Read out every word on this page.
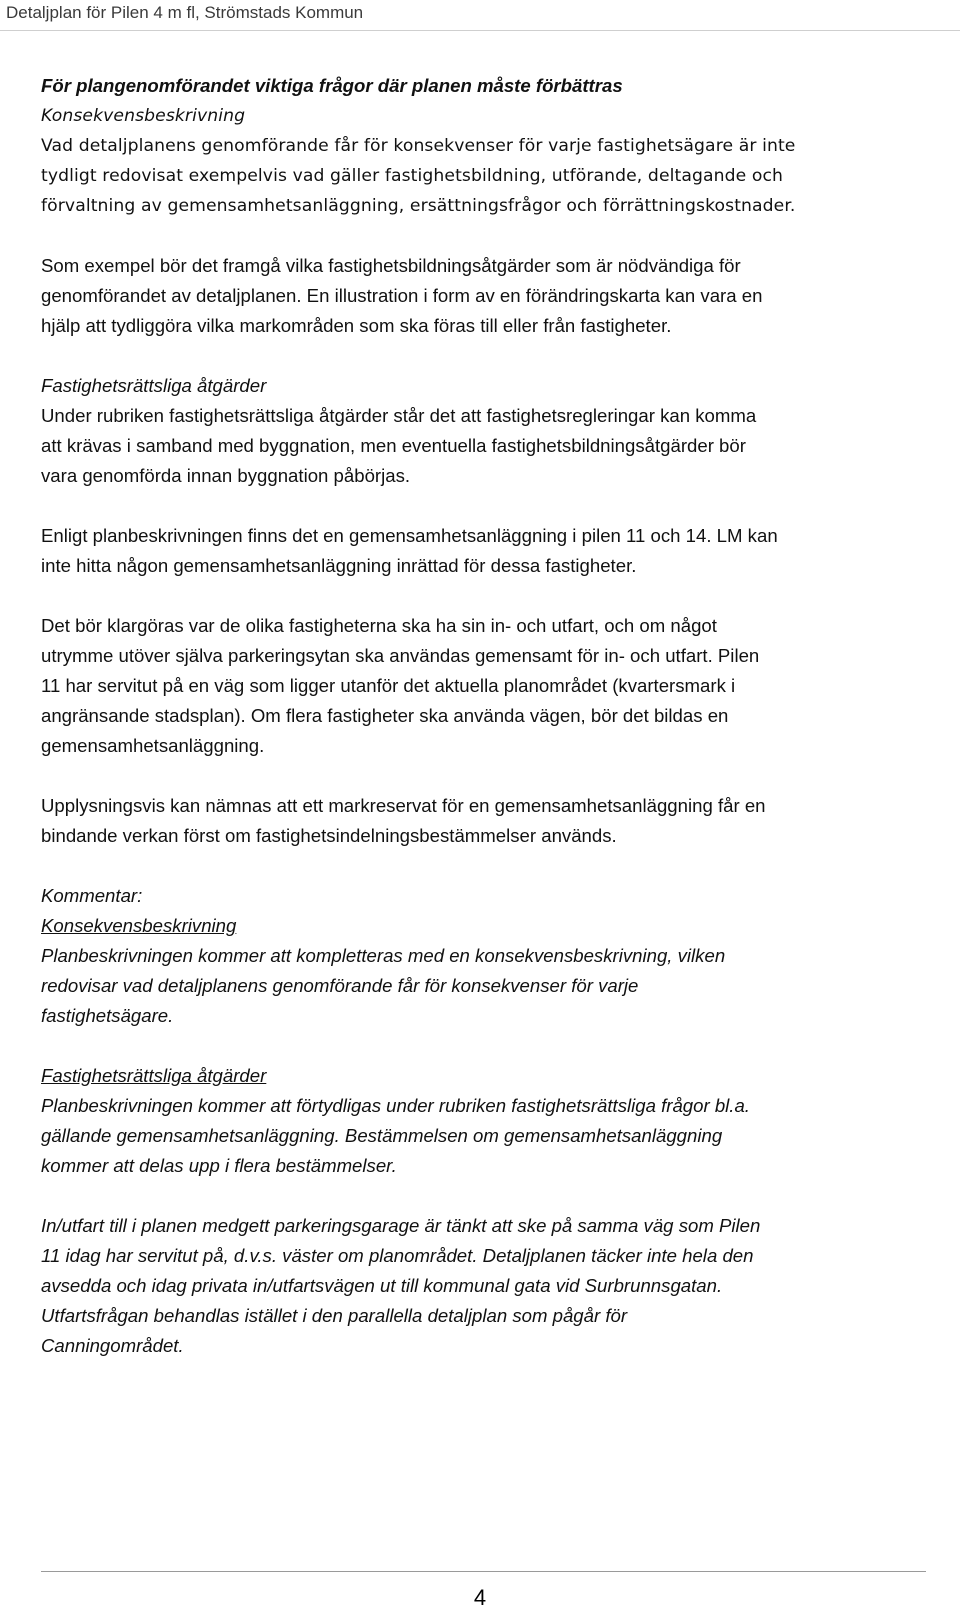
Detaljplan för Pilen 4 m fl, Strömstads Kommun

För plangenomförandet viktiga frågor där planen måste förbättras

Konsekvensbeskrivning

Vad detaljplanens genomförande får för konsekvenser för varje fastighetsägare är inte

tydligt redovisat exempelvis vad gäller fastighetsbildning, utförande, deltagande och

förvaltning av gemensamhetsanläggning, ersättningsfrågor och förrättningskostnader.

Som exempel bör det framgå vilka fastighetsbildningsåtgärder som är nödvändiga för

genomförandet av detaljplanen. En illustration i form av en förändringskarta kan vara en

hjälp att tydliggöra vilka markområden som ska föras till eller från fastigheter.

Fastighetsrättsliga åtgärder

Under rubriken fastighetsrättsliga åtgärder står det att fastighetsregleringar kan komma

att krävas i samband med byggnation, men eventuella fastighetsbildningsåtgärder bör

vara genomförda innan byggnation påbörjas.

Enligt planbeskrivningen finns det en gemensamhetsanläggning i pilen 11 och 14. LM kan

inte hitta någon gemensamhetsanläggning inrättad för dessa fastigheter.

Det bör klargöras var de olika fastigheterna ska ha sin in- och utfart, och om något

utrymme utöver själva parkeringsytan ska användas gemensamt för in- och utfart. Pilen

11 har servitut på en väg som ligger utanför det aktuella planområdet (kvartersmark i

angränsande stadsplan). Om flera fastigheter ska använda vägen, bör det bildas en

gemensamhetsanläggning.

Upplysningsvis kan nämnas att ett markreservat för en gemensamhetsanläggning får en

bindande verkan först om fastighetsindelningsbestämmelser används.

Kommentar:

Konsekvensbeskrivning

Planbeskrivningen kommer att kompletteras med en konsekvensbeskrivning, vilken

redovisar vad detaljplanens genomförande får för konsekvenser för varje

fastighetsägare.

Fastighetsrättsliga åtgärder

Planbeskrivningen kommer att förtydligas under rubriken fastighetsrättsliga frågor bl.a.

gällande gemensamhetsanläggning. Bestämmelsen om gemensamhetsanläggning

kommer att delas upp i flera bestämmelser.

In/utfart till i planen medgett parkeringsgarage är tänkt att ske på samma väg som Pilen

11 idag har servitut på, d.v.s. väster om planområdet. Detaljplanen täcker inte hela den

avsedda och idag privata in/utfartsvägen ut till kommunal gata vid Surbrunnsgatan.

Utfartsfrågan behandlas istället i den parallella detaljplan som pågår för

Canningområdet.

4
